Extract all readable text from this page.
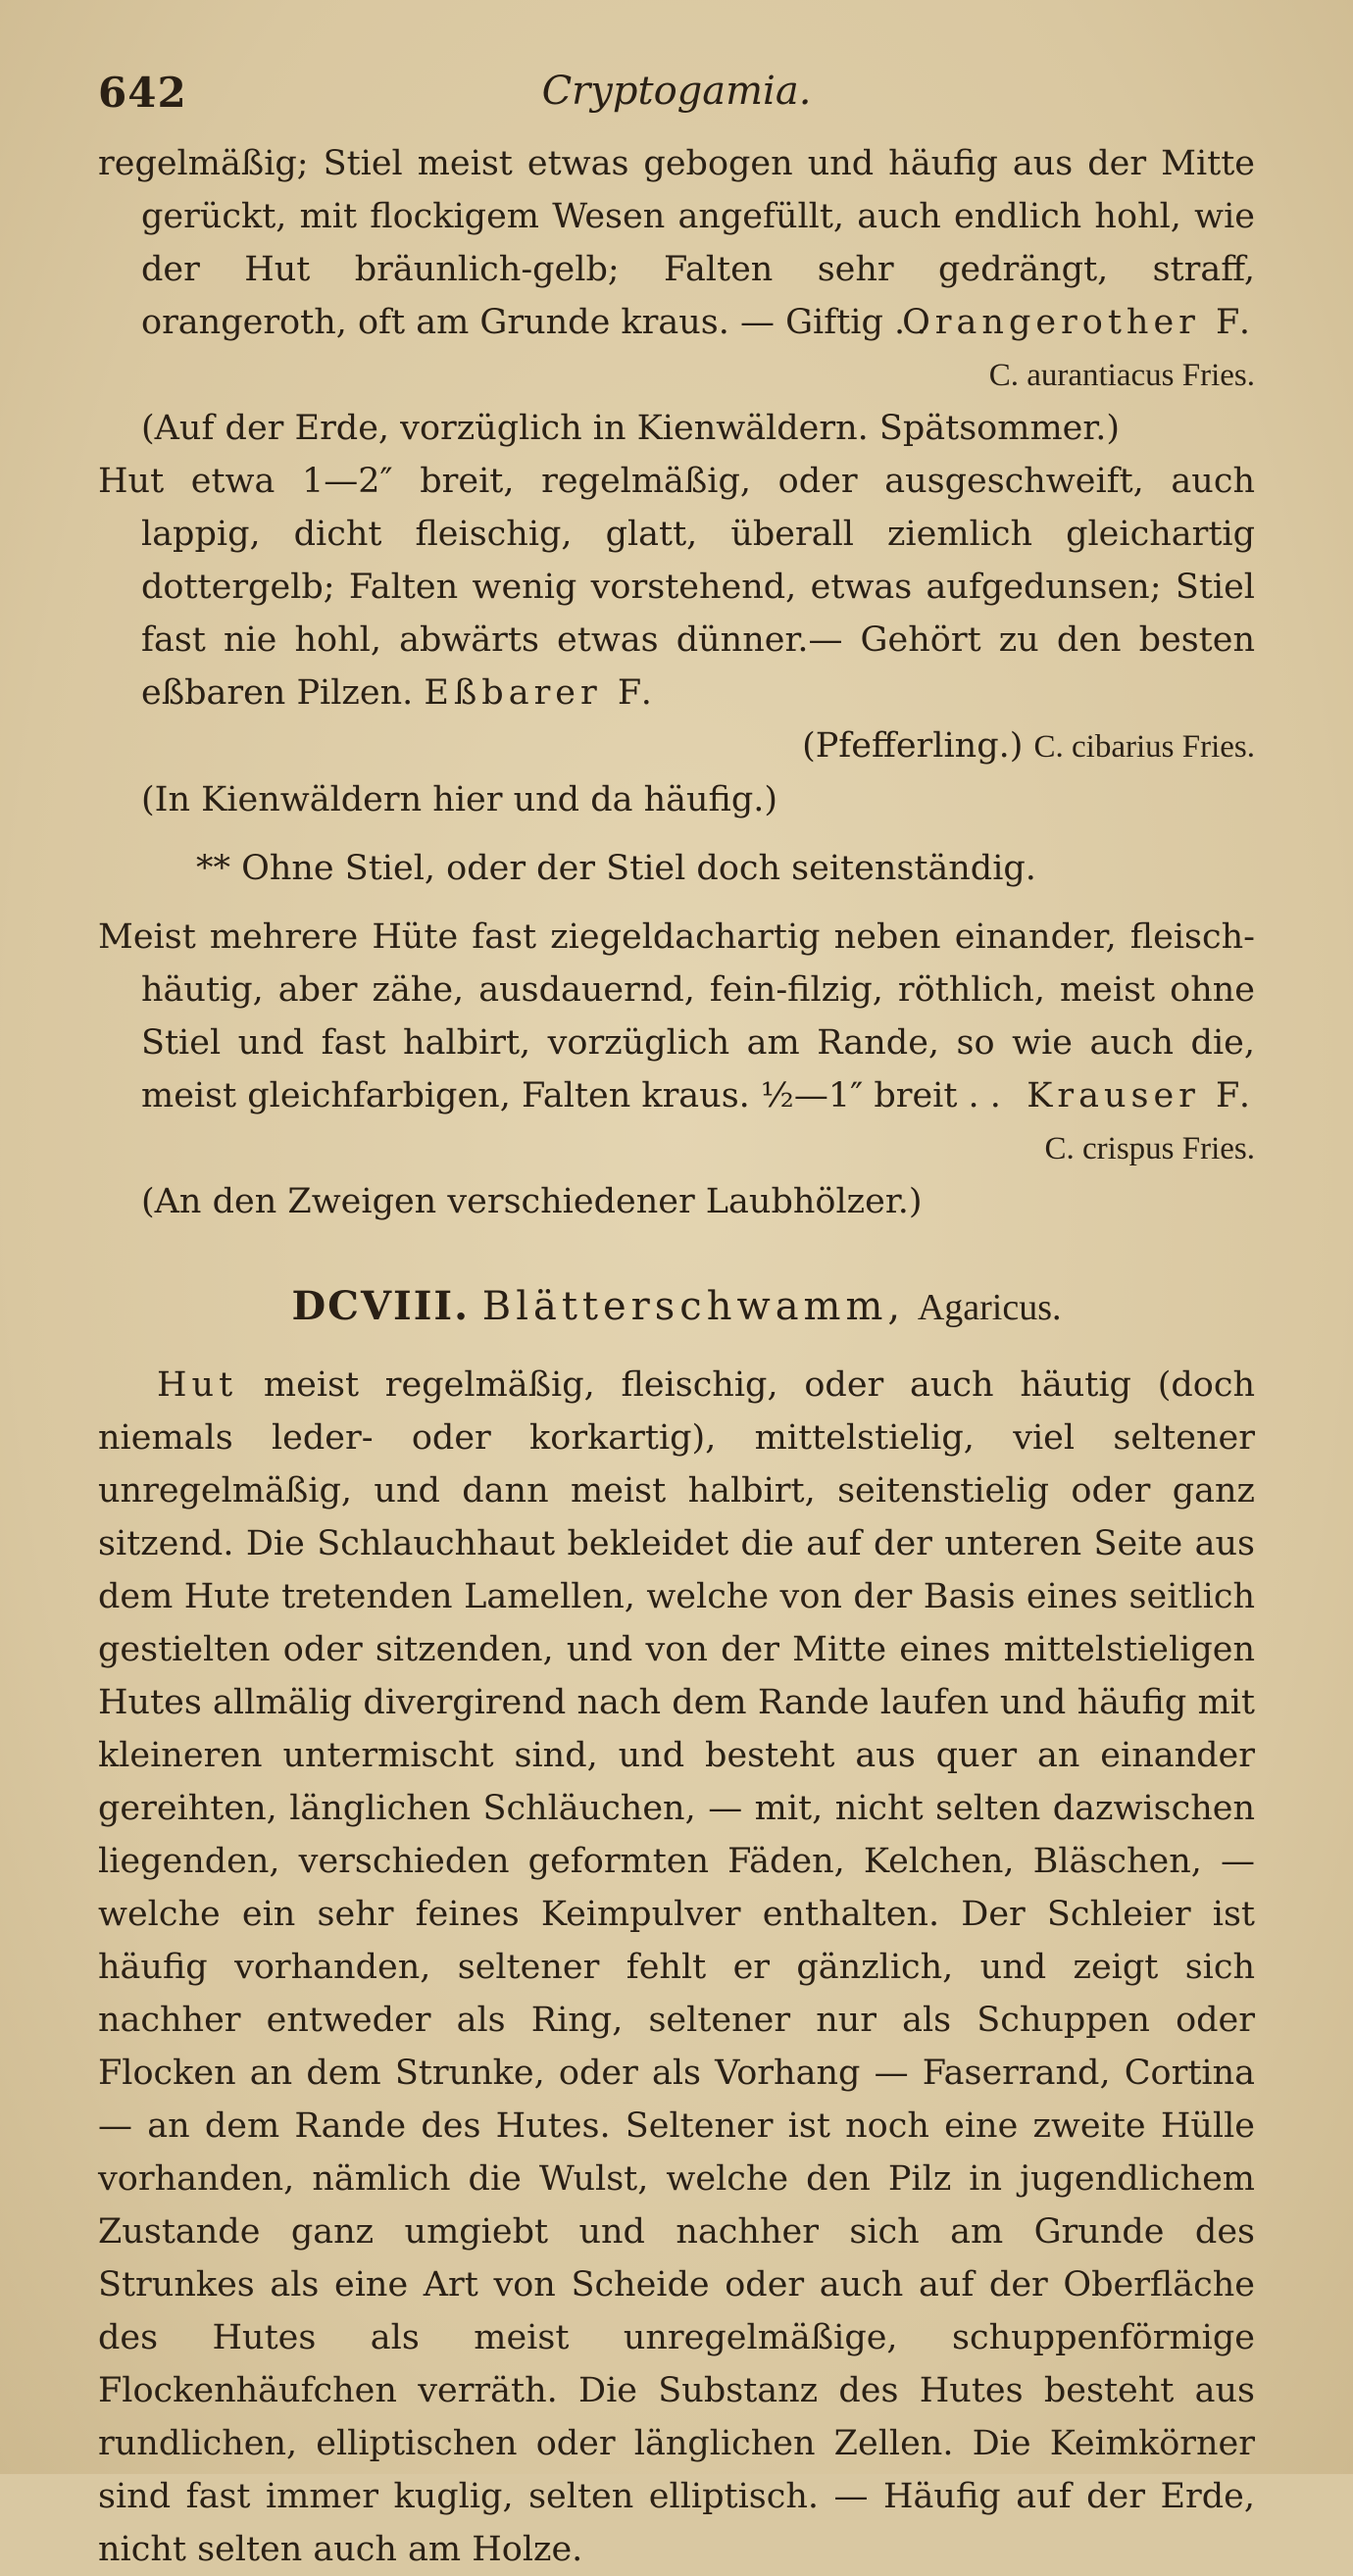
642	Cryptogamia.

regelmäßig; Stiel meist etwas gebogen und häufig aus der Mitte gerückt, mit flockigem Wesen angefüllt, auch endlich hohl, wie der Hut bräunlich-gelb; Falten sehr gedrängt, straff, orangeroth, oft am Grunde kraus. — Giftig . .
Orangerother F.

C. aurantiacus Fries.

(Auf der Erde, vorzüglich in Kienwäldern. Spätsommer.)

Hut etwa 1—2″ breit, regelmäßig, oder ausgeschweift, auch lappig, dicht fleischig, glatt, überall ziemlich gleichartig dottergelb; Falten wenig vorstehend, etwas aufgedunsen; Stiel fast nie hohl, abwärts etwas dünner.— Gehört zu den besten eßbaren Pilzen. Eßbarer F.

(Pfefferling.) C. cibarius Fries.

(In Kienwäldern hier und da häufig.)

** Ohne Stiel, oder der Stiel doch seitenständig.

Meist mehrere Hüte fast ziegeldachartig neben einander, fleisch-häutig, aber zähe, ausdauernd, fein-filzig, röthlich, meist ohne Stiel und fast halbirt, vorzüglich am Rande, so wie auch die, meist gleichfarbigen, Falten kraus. ½—1″ breit . . Krauser F.

C. crispus Fries.

(An den Zweigen verschiedener Laubhölzer.)

DCVIII. Blätterschwamm, Agaricus.

Hut meist regelmäßig, fleischig, oder auch häutig (doch niemals leder- oder korkartig), mittelstielig, viel seltener unregelmäßig, und dann meist halbirt, seitenstielig oder ganz sitzend. Die Schlauchhaut bekleidet die auf der unteren Seite aus dem Hute tretenden Lamellen, welche von der Basis eines seitlich gestielten oder sitzenden, und von der Mitte eines mittelstieligen Hutes allmälig divergirend nach dem Rande laufen und häufig mit kleineren untermischt sind, und besteht aus quer an einander gereihten, länglichen Schläuchen, — mit, nicht selten dazwischen liegenden, verschieden geformten Fäden, Kelchen, Bläschen, — welche ein sehr feines Keimpulver enthalten. Der Schleier ist häufig vorhanden, seltener fehlt er gänzlich, und zeigt sich nachher entweder als Ring, seltener nur als Schuppen oder Flocken an dem Strunke, oder als Vorhang — Faserrand, Cortina — an dem Rande des Hutes. Seltener ist noch eine zweite Hülle vorhanden, nämlich die Wulst, welche den Pilz in jugendlichem Zustande ganz umgiebt und nachher sich am Grunde des Strunkes als eine Art von Scheide oder auch auf der Oberfläche des Hutes als meist unregelmäßige, schuppenförmige Flockenhäufchen verräth. Die Substanz des Hutes besteht aus rundlichen, elliptischen oder länglichen Zellen. Die Keimkörner sind fast immer kuglig, selten elliptisch. — Häufig auf der Erde, nicht selten auch am Holze.
